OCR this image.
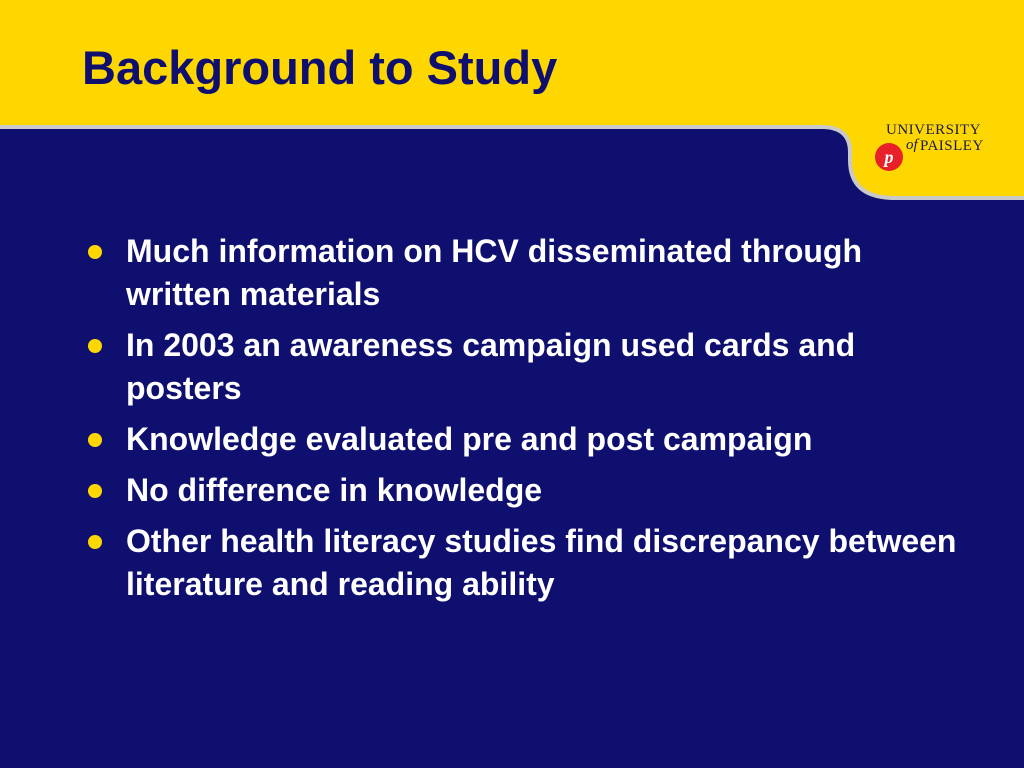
Background to Study
p
UNIVERSITY
of PAISLEY
Much information on HCV disseminated through written materials
In 2003 an awareness campaign used cards and posters
Knowledge evaluated pre and post campaign
No difference in knowledge
Other health literacy studies find discrepancy between literature and reading ability
